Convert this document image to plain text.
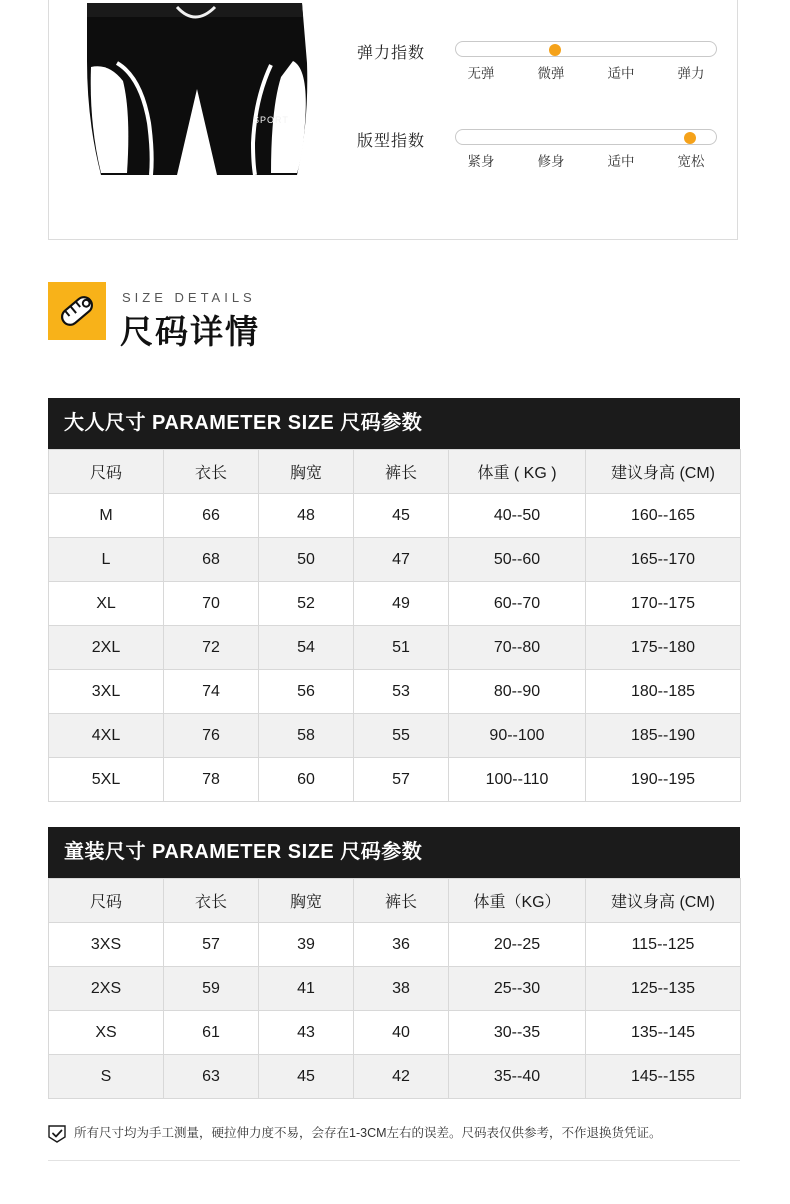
SPORT
弹力指数
无弹	微弹	适中	弹力
版型指数
紧身	修身	适中	宽松
SIZE DETAILS
尺码详情
大人尺寸 PARAMETER SIZE 尺码参数
尺码	衣长	胸宽	裤长	体重 ( KG )	建议身高 (CM)
M	66	48	45	40--50	160--165
L	68	50	47	50--60	165--170
XL	70	52	49	60--70	170--175
2XL	72	54	51	70--80	175--180
3XL	74	56	53	80--90	180--185
4XL	76	58	55	90--100	185--190
5XL	78	60	57	100--110	190--195
童装尺寸 PARAMETER SIZE 尺码参数
尺码	衣长	胸宽	裤长	体重（KG）	建议身高 (CM)
3XS	57	39	36	20--25	115--125
2XS	59	41	38	25--30	125--135
XS	61	43	40	30--35	135--145
S	63	45	42	35--40	145--155
所有尺寸均为手工测量，硬拉伸力度不易，会存在1-3CM左右的误差。尺码表仅供参考，不作退换货凭证。
